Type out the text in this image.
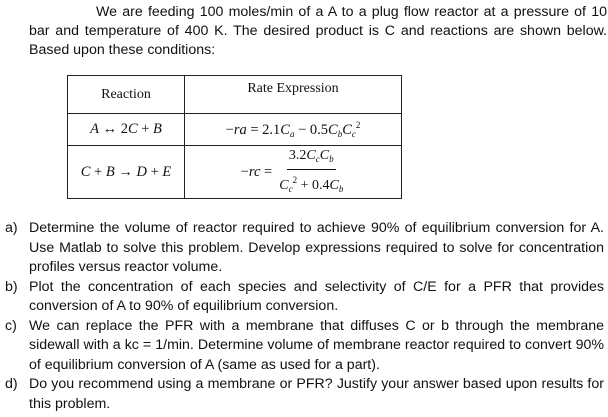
We are feeding 100 moles/min of a A to a plug flow reactor at a pressure of 10 bar and temperature of 400 K. The desired product is C and reactions are shown below. Based upon these conditions:

Reaction	Rate Expression
A ↔ 2C + B	$-ra = 2.1C_a - 0.5C_bC_c^2$
C + B → D + E	$-rc = \frac{3.2C_cC_b}{C_c^2 + 0.4C_b}$
a) Determine the volume of reactor required to achieve 90% of equilibrium conversion for A. Use Matlab to solve this problem. Develop expressions required to solve for concentration profiles versus reactor volume.
b) Plot the concentration of each species and selectivity of C/E for a PFR that provides conversion of A to 90% of equilibrium conversion.
c) We can replace the PFR with a membrane that diffuses C or b through the membrane sidewall with a kc = 1/min. Determine volume of membrane reactor required to convert 90% of equilibrium conversion of A (same as used for a part).
d) Do you recommend using a membrane or PFR? Justify your answer based upon results for this problem.
